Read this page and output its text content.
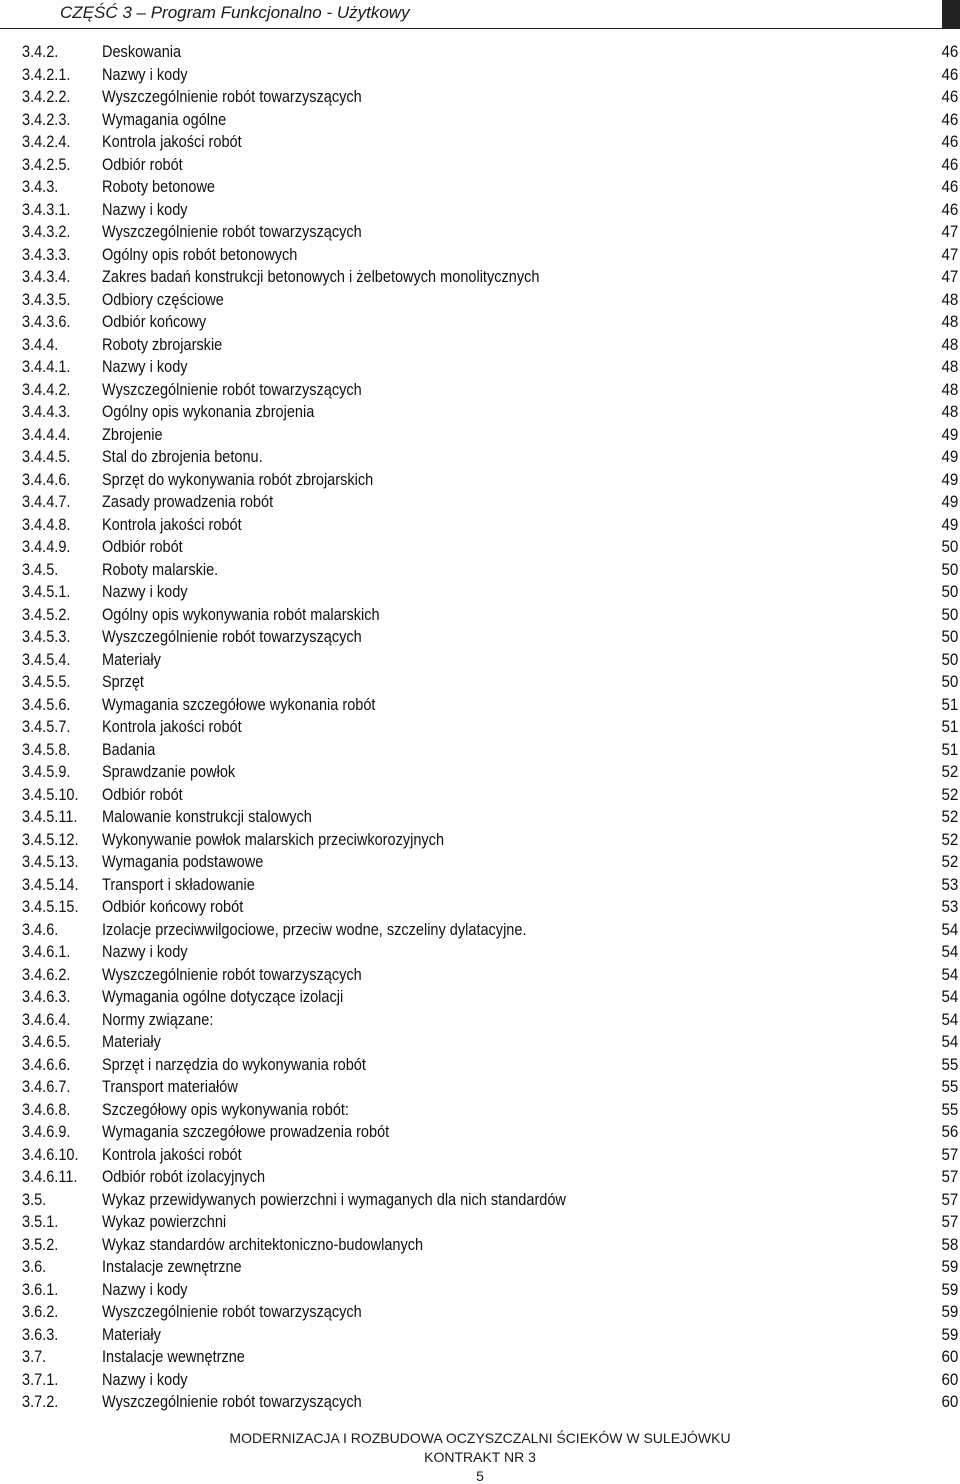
CZĘŚĆ 3 – Program Funkcjonalno - Użytkowy
3.4.2.	Deskowania	46
3.4.2.1.	Nazwy i kody	46
3.4.2.2.	Wyszczególnienie robót towarzyszących	46
3.4.2.3.	Wymagania ogólne	46
3.4.2.4.	Kontrola jakości robót	46
3.4.2.5.	Odbiór robót	46
3.4.3.	Roboty betonowe	46
3.4.3.1.	Nazwy i kody	46
3.4.3.2.	Wyszczególnienie robót towarzyszących	47
3.4.3.3.	Ogólny opis robót betonowych	47
3.4.3.4.	Zakres badań konstrukcji betonowych i żelbetowych monolitycznych	47
3.4.3.5.	Odbiory częściowe	48
3.4.3.6.	Odbiór końcowy	48
3.4.4.	Roboty zbrojarskie	48
3.4.4.1.	Nazwy i kody	48
3.4.4.2.	Wyszczególnienie robót towarzyszących	48
3.4.4.3.	Ogólny opis wykonania zbrojenia	48
3.4.4.4.	Zbrojenie	49
3.4.4.5.	Stal do zbrojenia betonu.	49
3.4.4.6.	Sprzęt do wykonywania robót zbrojarskich	49
3.4.4.7.	Zasady prowadzenia robót	49
3.4.4.8.	Kontrola jakości robót	49
3.4.4.9.	Odbiór robót	50
3.4.5.	Roboty malarskie.	50
3.4.5.1.	Nazwy i kody	50
3.4.5.2.	Ogólny opis wykonywania robót malarskich	50
3.4.5.3.	Wyszczególnienie robót towarzyszących	50
3.4.5.4.	Materiały	50
3.4.5.5.	Sprzęt	50
3.4.5.6.	Wymagania szczegółowe wykonania robót	51
3.4.5.7.	Kontrola jakości robót	51
3.4.5.8.	Badania	51
3.4.5.9.	Sprawdzanie powłok	52
3.4.5.10.	Odbiór robót	52
3.4.5.11.	Malowanie konstrukcji stalowych	52
3.4.5.12.	Wykonywanie powłok malarskich przeciwkorozyjnych	52
3.4.5.13.	Wymagania podstawowe	52
3.4.5.14.	Transport i składowanie	53
3.4.5.15.	Odbiór końcowy robót	53
3.4.6.	Izolacje przeciwwilgociowe, przeciw wodne, szczeliny dylatacyjne.	54
3.4.6.1.	Nazwy i kody	54
3.4.6.2.	Wyszczególnienie robót towarzyszących	54
3.4.6.3.	Wymagania ogólne dotyczące izolacji	54
3.4.6.4.	Normy związane:	54
3.4.6.5.	Materiały	54
3.4.6.6.	Sprzęt i narzędzia do wykonywania robót	55
3.4.6.7.	Transport materiałów	55
3.4.6.8.	Szczegółowy opis wykonywania robót:	55
3.4.6.9.	Wymagania szczegółowe prowadzenia robót	56
3.4.6.10.	Kontrola jakości robót	57
3.4.6.11.	Odbiór robót izolacyjnych	57
3.5.	Wykaz przewidywanych powierzchni i wymaganych dla nich standardów	57
3.5.1.	Wykaz powierzchni	57
3.5.2.	Wykaz standardów architektoniczno-budowlanych	58
3.6.	Instalacje zewnętrzne	59
3.6.1.	Nazwy i kody	59
3.6.2.	Wyszczególnienie robót towarzyszących	59
3.6.3.	Materiały	59
3.7.	Instalacje wewnętrzne	60
3.7.1.	Nazwy i kody	60
3.7.2.	Wyszczególnienie robót towarzyszących	60
MODERNIZACJA I ROZBUDOWA OCZYSZCZALNI ŚCIEKÓW W SULEJÓWKU
KONTRAKT NR 3
5
